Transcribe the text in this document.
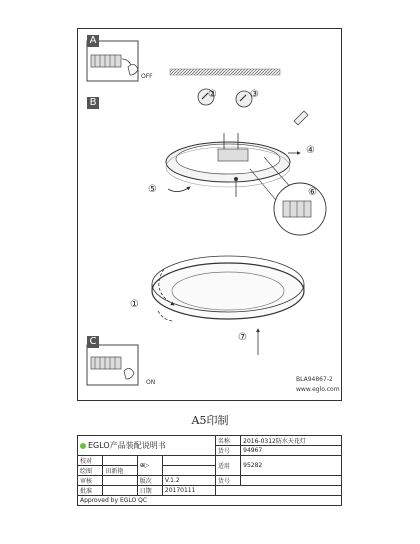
A
B
C
OFF
ON
②	③
④
⑤	⑥
①
⑦
BLA94867-2
www.eglo.com
A5印制
EGLO产品装配说明书				名称	2016-0312防水天花灯
				货号	94967
校对		⊕▷		适用	95282
绘图	田新艳				
审核		版次	V.1.2	货号	
批准		日期	20170111		
Approved by EGLO QC					
